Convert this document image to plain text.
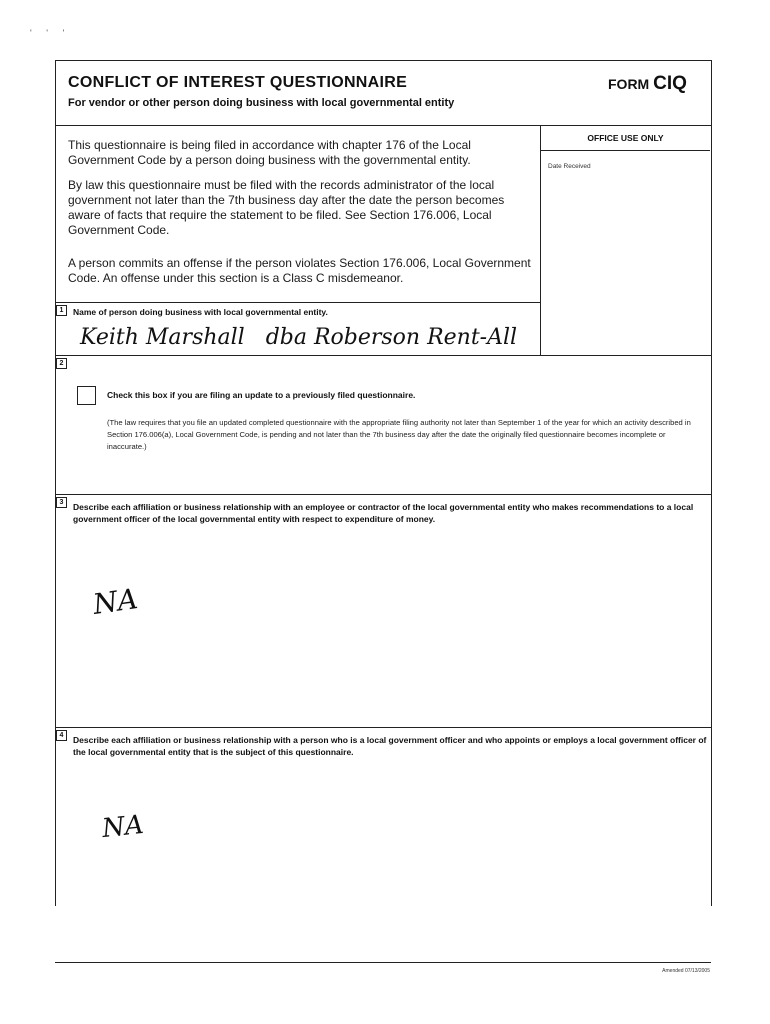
' ' '
CONFLICT OF INTEREST QUESTIONNAIRE
For vendor or other person doing business with local governmental entity
FORM CIQ
This questionnaire is being filed in accordance with chapter 176 of the Local Government Code by a person doing business with the governmental entity.
By law this questionnaire must be filed with the records administrator of the local government not later than the 7th business day after the date the person becomes aware of facts that require the statement to be filed. See Section 176.006, Local Government Code.
A person commits an offense if the person violates Section 176.006, Local Government Code. An offense under this section is a Class C misdemeanor.
OFFICE USE ONLY
Date Received
1	Name of person doing business with local governmental entity.
Keith Marshall   dba Roberson Rent-All
2
Check this box if you are filing an update to a previously filed questionnaire.
(The law requires that you file an updated completed questionnaire with the appropriate filing authority not later than September 1 of the year for which an activity described in Section 176.006(a), Local Government Code, is pending and not later than the 7th business day after the date the originally filed questionnaire becomes incomplete or inaccurate.)
3	Describe each affiliation or business relationship with an employee or contractor of the local governmental entity who makes recommendations to a local government officer of the local governmental entity with respect to expenditure of money.
NA
4	Describe each affiliation or business relationship with a person who is a local government officer and who appoints or employs a local government officer of the local governmental entity that is the subject of this questionnaire.
NA
Amended 07/13/2005
